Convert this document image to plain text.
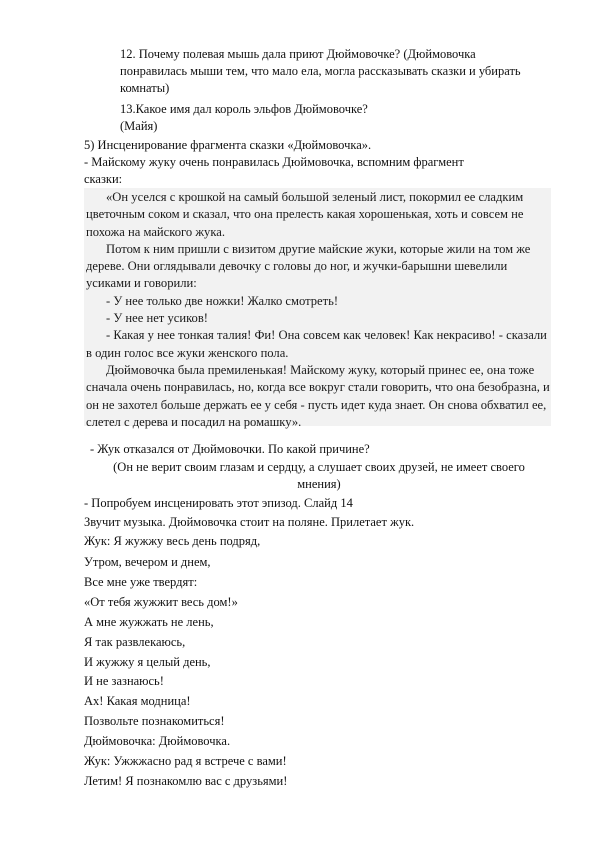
12. Почему полевая мышь дала приют Дюймовочке? (Дюймовочка понравилась мыши тем, что мало ела, могла рассказывать сказки и убирать комнаты)
13.Какое имя дал король эльфов Дюймовочке?
(Майя)
5) Инсценирование фрагмента сказки «Дюймовочка».
- Майскому жуку очень понравилась Дюймовочка, вспомним фрагмент
сказки:

«Он уселся с крошкой на самый большой зеленый лист, покормил ее сладким цветочным соком и сказал, что она прелесть какая хорошенькая, хоть и совсем не похожа на майского жука.

Потом к ним пришли с визитом другие майские жуки, которые жили на том же дереве. Они оглядывали девочку с головы до ног, и жучки-барышни шевелили усиками и говорили:

- У нее только две ножки! Жалко смотреть!

- У нее нет усиков!

- Какая у нее тонкая талия! Фи! Она совсем как человек! Как некрасиво! - сказали в один голос все жуки женского пола.

Дюймовочка была премиленькая! Майскому жуку, который принес ее, она тоже сначала очень понравилась, но, когда все вокруг стали говорить, что она безобразна, и он не захотел больше держать ее у себя - пусть идет куда знает. Он снова обхватил ее, слетел с дерева и посадил на ромашку».

- Жук отказался от Дюймовочки. По какой причине?
(Он не верит своим глазам и сердцу, а слушает своих друзей, не имеет своего
мнения)
- Попробуем инсценировать этот эпизод. Слайд 14
Звучит музыка. Дюймовочка стоит на поляне. Прилетает жук.
Жук: Я жужжу весь день подряд,
Утром, вечером и днем,
Все мне уже твердят:
«От тебя жужжит весь дом!»
А мне жужжать не лень,
Я так развлекаюсь,
И жужжу я целый день,
И не зазнаюсь!
Ах! Какая модница!
Позвольте познакомиться!
Дюймовочка: Дюймовочка.
Жук: Ужжжасно рад я встрече с вами!
Летим! Я познакомлю вас с друзьями!
